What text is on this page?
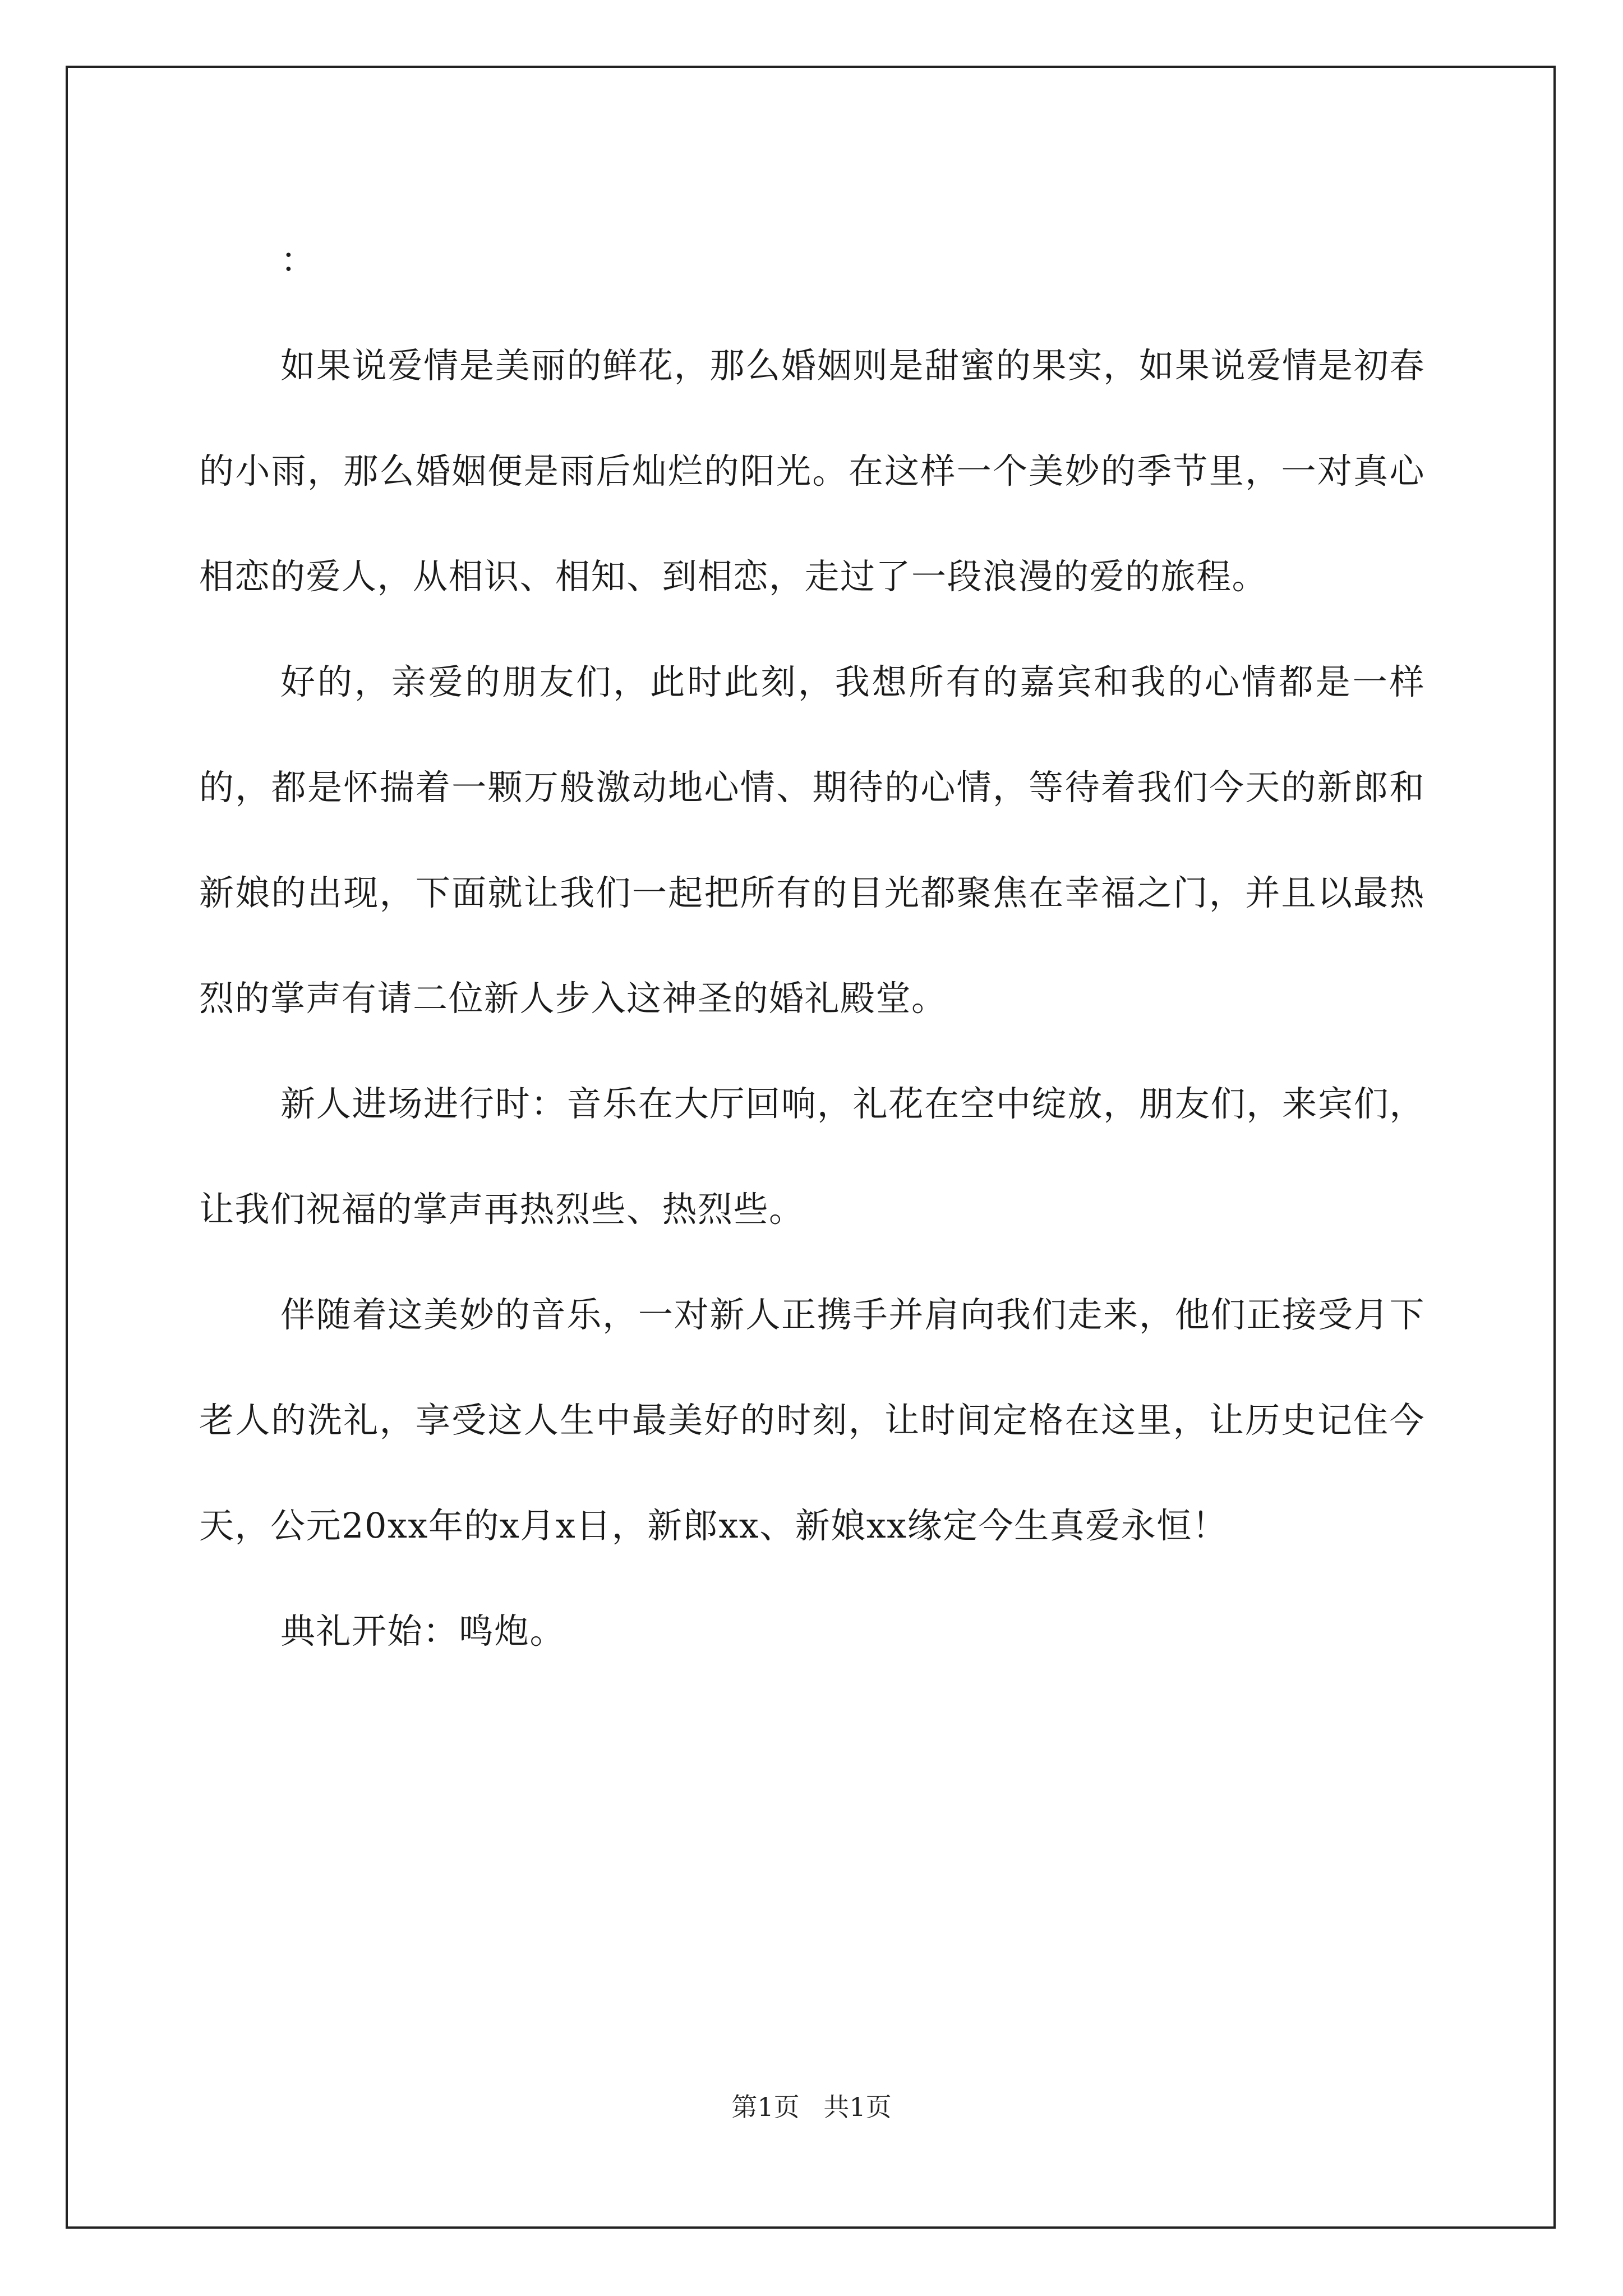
：

如果说爱情是美丽的鲜花，那么婚姻则是甜蜜的果实，如果说爱情是初春的小雨，那么婚姻便是雨后灿烂的阳光。在这样一个美妙的季节里，一对真心相恋的爱人，从相识、相知、到相恋，走过了一段浪漫的爱的旅程。

好的，亲爱的朋友们，此时此刻，我想所有的嘉宾和我的心情都是一样的，都是怀揣着一颗万般激动地心情、期待的心情，等待着我们今天的新郎和新娘的出现，下面就让我们一起把所有的目光都聚焦在幸福之门，并且以最热烈的掌声有请二位新人步入这神圣的婚礼殿堂。

新人进场进行时：音乐在大厅回响，礼花在空中绽放，朋友们，来宾们，让我们祝福的掌声再热烈些、热烈些。

伴随着这美妙的音乐，一对新人正携手并肩向我们走来，他们正接受月下老人的洗礼，享受这人生中最美好的时刻，让时间定格在这里，让历史记住今天，公元20xx年的x月x日，新郎xx、新娘xx缘定今生真爱永恒！

典礼开始：鸣炮。

第1页 共1页
